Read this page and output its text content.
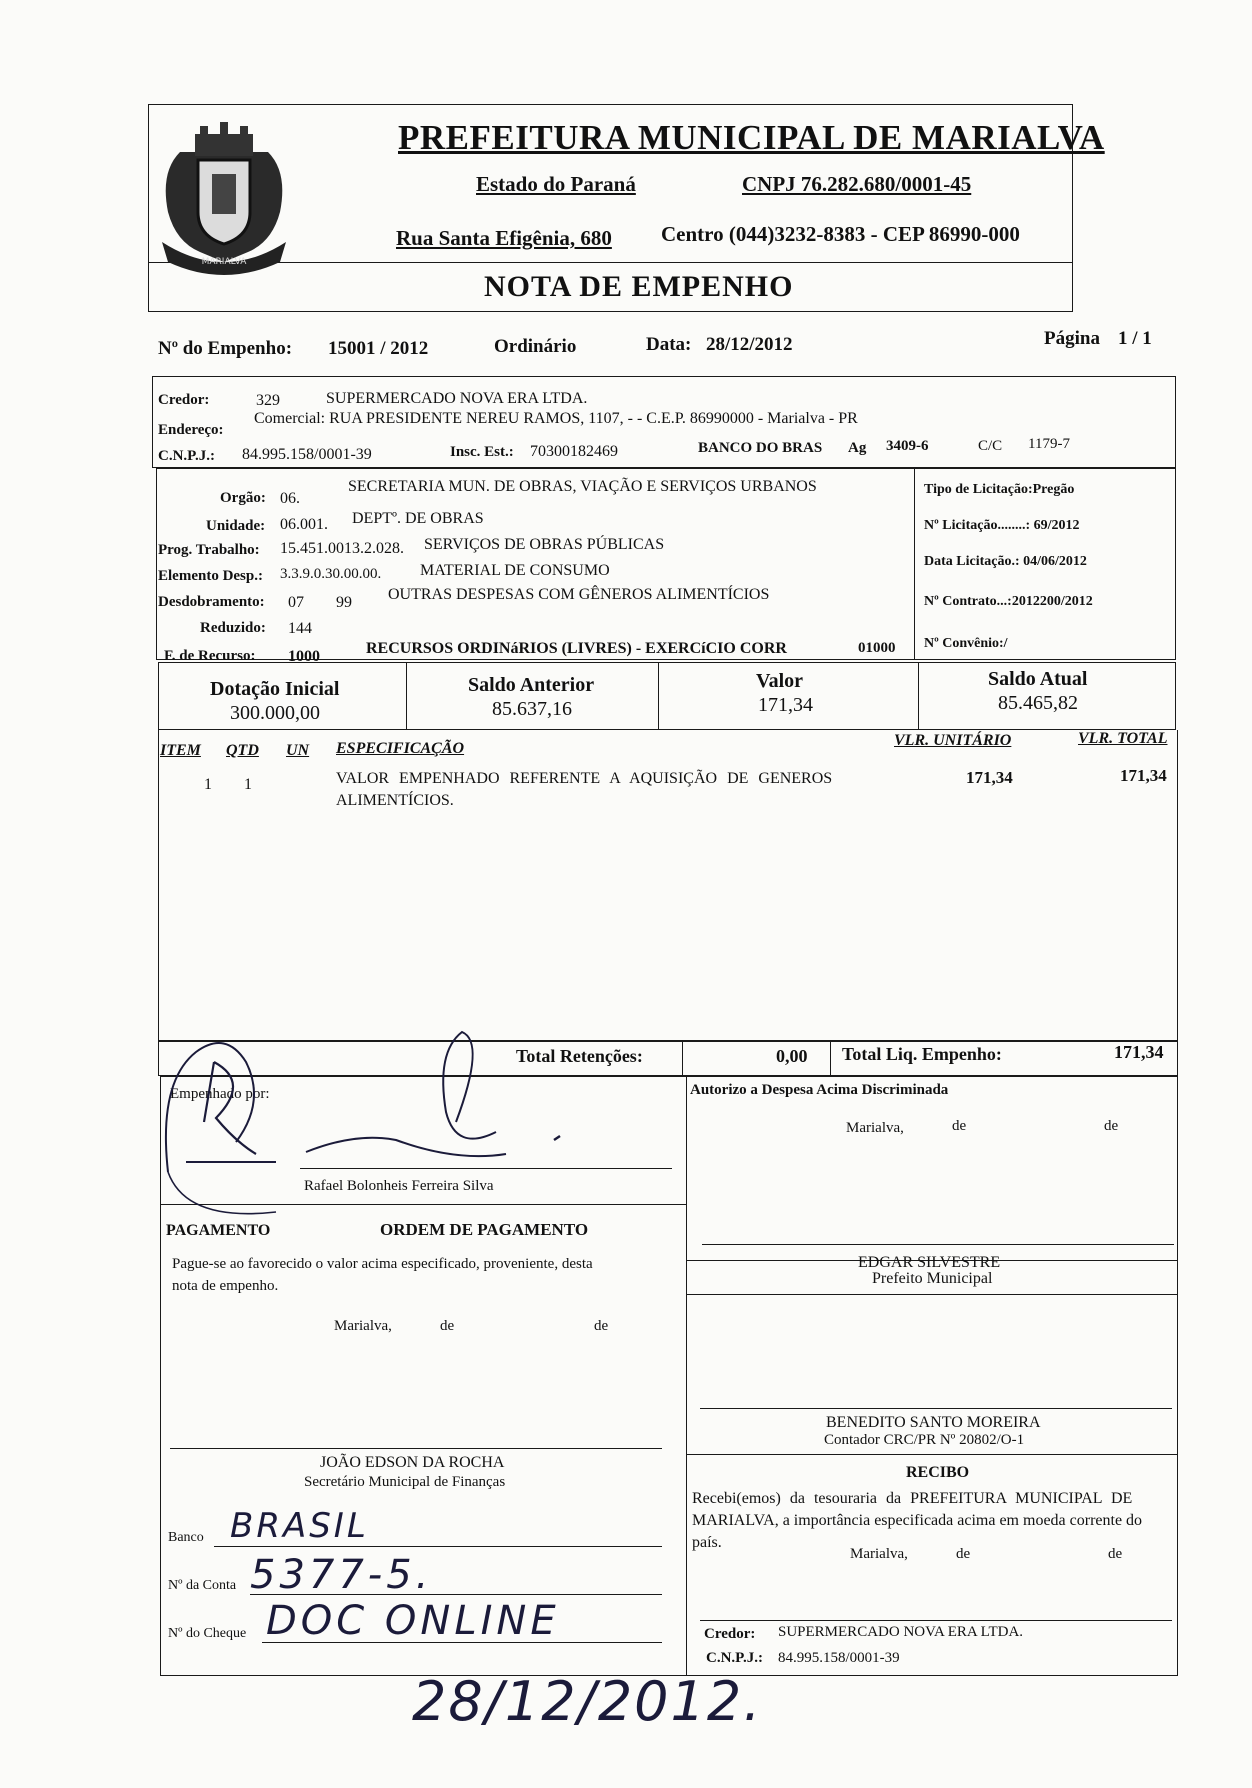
MARIALVA
PREFEITURA MUNICIPAL DE MARIALVA
Estado do Paraná	CNPJ 76.282.680/0001-45
Rua Santa Efigênia, 680 Centro (044)3232-8383 - CEP 86990-000
NOTA DE EMPENHO
Nº do Empenho: 15001 / 2012	Ordinário	Data: 28/12/2012	Página 1 / 1
Credor:	329	SUPERMERCADO NOVA ERA LTDA.
Endereço:
Comercial: RUA PRESIDENTE NEREU RAMOS, 1107, - - C.E.P. 86990000 - Marialva - PR
C.N.P.J.: 84.995.158/0001-39	Insc. Est.: 70300182469	BANCO DO BRAS Ag 3409-6	C/C 1179-7
Orgão: 06.
SECRETARIA MUN. DE OBRAS, VIAÇÃO E SERVIÇOS URBANOS
Unidade: 06.001. DEPTº. DE OBRAS
Prog. Trabalho: 15.451.0013.2.028. SERVIÇOS DE OBRAS PÚBLICAS
Elemento Desp.: 3.3.9.0.30.00.00. MATERIAL DE CONSUMO
Desdobramento: 07 99 OUTRAS DESPESAS COM GÊNEROS ALIMENTÍCIOS
Reduzido: 144
F. de Recurso: 1000	RECURSOS ORDINáRIOS (LIVRES) - EXERCíCIO CORR	01000
Tipo de Licitação:Pregão
Nº Licitação........: 69/2012
Data Licitação.: 04/06/2012
Nº Contrato...:2012200/2012
Nº Convênio:/
Dotação Inicial
300.000,00
Saldo Anterior
85.637,16
Valor
171,34
Saldo Atual
85.465,82
ITEM QTD UN ESPECIFICAÇÃO	VLR. UNITÁRIO	VLR. TOTAL
1 1	VALOR EMPENHADO REFERENTE A AQUISIÇÃO DE GENEROS
ALIMENTÍCIOS.
171,34	171,34
Total Retenções:	0,00 Total Liq. Empenho:	171,34
Empenhado por:
Rafael Bolonheis Ferreira Silva
PAGAMENTO	ORDEM DE PAGAMENTO
Pague-se ao favorecido o valor acima especificado, proveniente, desta
nota de empenho.
Marialva,	de	de
JOÃO EDSON DA ROCHA
Secretário Municipal de Finanças
Banco BRASIL
Nº da Conta 5377-5.
Nº do Cheque DOC ONLINE
Autorizo a Despesa Acima Discriminada
Marialva,	de	de
EDGAR SILVESTRE
Prefeito Municipal
BENEDITO SANTO MOREIRA
Contador CRC/PR Nº 20802/O-1
RECIBO
Recebi(emos) da tesouraria da PREFEITURA MUNICIPAL DE
MARIALVA, a importância especificada acima em moeda corrente do
país.
Marialva,	de	de
Credor: SUPERMERCADO NOVA ERA LTDA.
C.N.P.J.: 84.995.158/0001-39
28/12/2012.
